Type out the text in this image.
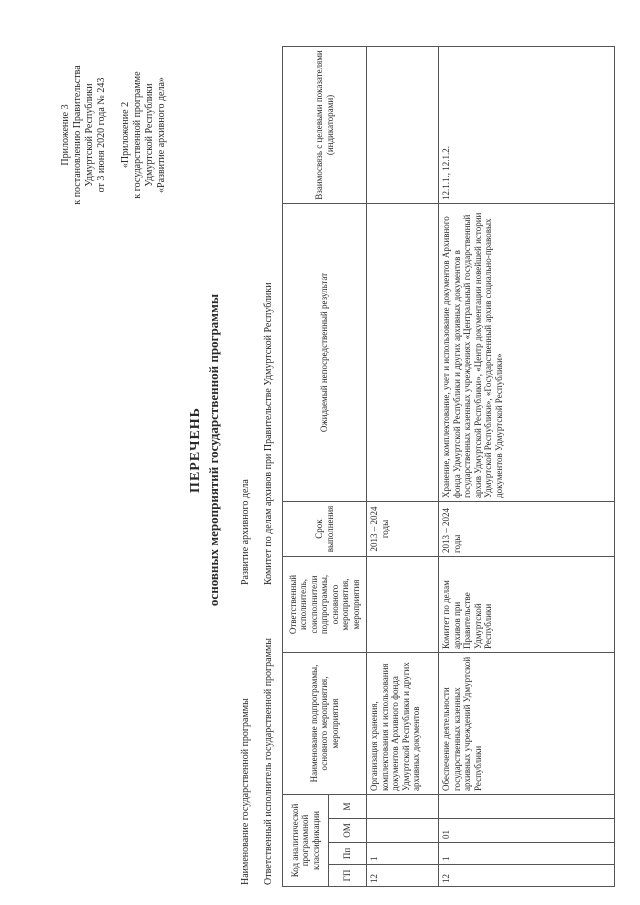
Приложение 3 к постановлению Правительства Удмуртской Республики от 3 июня 2020 года № 243 «Приложение 2 к государственной программе Удмуртской Республики «Развитие архивного дела»
ПЕРЕЧЕНЬ основных мероприятий государственной программы
Наименование государственной программы
Развитие архивного дела
Ответственный исполнитель государственной программы
Комитет по делам архивов при Правительстве Удмуртской Республики
Код аналитической программной классификации				Наименование подпрограммы, основного мероприятия, мероприятия	Ответственный исполнитель, соисполнители подпрограммы, основного мероприятия, мероприятия	Срок выполнения	Ожидаемый непосредственный результат	Взаимосвязь с целевыми показателями (индикаторами)
ГП	Пп	ОМ	М					
12	1			Организация хранения, комплектования и использования документов Архивного фонда Удмуртской Республики и других архивных документов		2013 – 2024 годы		
12	1	01		Обеспечение деятельности государственных казенных архивных учреждений Удмуртской Республики	Комитет по делам архивов при Правительстве Удмуртской Республики	2013 – 2024 годы	Хранение, комплектование, учет и использование документов Архивного фонда Удмуртской Республики и других архивных документов в государственных казенных учреждениях «Центральный государственный архив Удмуртской Республики», «Центр документации новейшей истории Удмуртской Республики», «Государственный архив социально-правовых документов Удмуртской Республики»	12.1.1., 12.1.2.
